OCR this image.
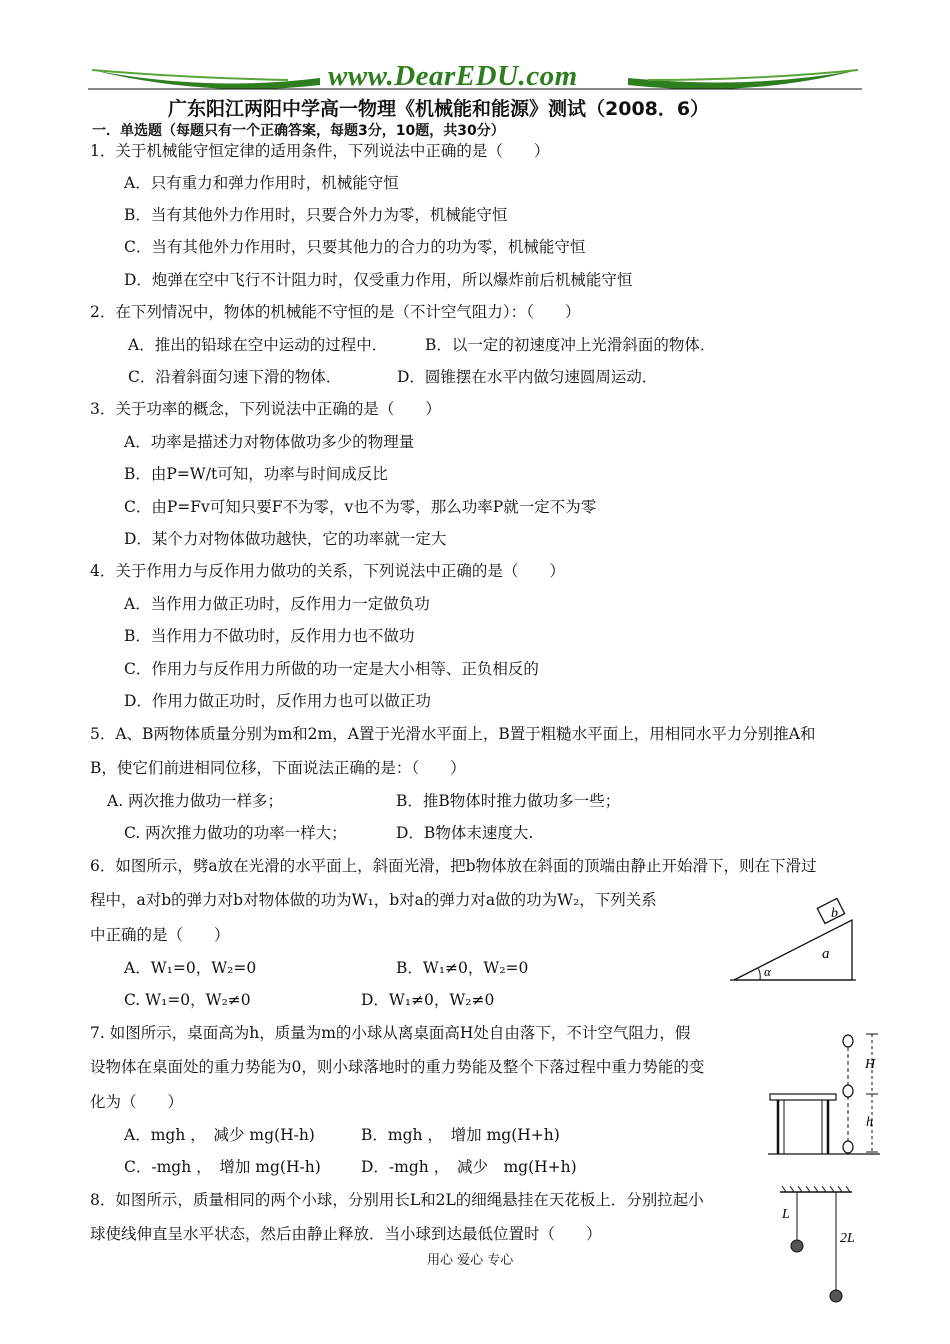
www.DearEDU.com
广东阳江两阳中学高一物理《机械能和能源》测试（2008．6）
一．单选题（每题只有一个正确答案，每题3分，10题，共30分）
1．关于机械能守恒定律的适用条件，下列说法中正确的是（　　）
A．只有重力和弹力作用时，机械能守恒
B．当有其他外力作用时，只要合外力为零，机械能守恒
C．当有其他外力作用时，只要其他力的合力的功为零，机械能守恒
D．炮弹在空中飞行不计阻力时，仅受重力作用，所以爆炸前后机械能守恒
2．在下列情况中，物体的机械能不守恒的是（不计空气阻力）：（　　）
A．推出的铅球在空中运动的过程中． B．以一定的初速度冲上光滑斜面的物体．
C．沿着斜面匀速下滑的物体．	D．圆锥摆在水平内做匀速圆周运动．
3．关于功率的概念，下列说法中正确的是（　　）
A．功率是描述力对物体做功多少的物理量
B．由P=W/t可知，功率与时间成反比
C．由P=Fv可知只要F不为零，v也不为零，那么功率P就一定不为零
D．某个力对物体做功越快，它的功率就一定大
4．关于作用力与反作用力做功的关系，下列说法中正确的是（　　）
A．当作用力做正功时，反作用力一定做负功
B．当作用力不做功时，反作用力也不做功
C．作用力与反作用力所做的功一定是大小相等、正负相反的
D．作用力做正功时，反作用力也可以做正功
5．A、B两物体质量分别为m和2m，A置于光滑水平面上，B置于粗糙水平面上，用相同水平力分别推A和
B，使它们前进相同位移，下面说法正确的是：（　　）
A. 两次推力做功一样多；	B．推B物体时推力做功多一些；
C. 两次推力做功的功率一样大；	D．B物体末速度大.
6．如图所示，劈a放在光滑的水平面上，斜面光滑，把b物体放在斜面的顶端由静止开始滑下，则在下滑过
程中，a对b的弹力对b对物体做的功为W₁，b对a的弹力对a做的功为W₂，下列关系
中正确的是（　　）
A．W₁=0，W₂=0	B．W₁≠0，W₂=0
C. W₁=0，W₂≠0	D．W₁≠0，W₂≠0
b
a
α
7. 如图所示，桌面高为h，质量为m的小球从离桌面高H处自由落下，不计空气阻力，假
设物体在桌面处的重力势能为0，则小球落地时的重力势能及整个下落过程中重力势能的变
化为（　　）
A．mgh ，　减少 mg(H-h)	B．mgh ，　增加 mg(H+h)
C．-mgh ，　增加 mg(H-h)	D．-mgh ，　减少　mg(H+h)
H
h
8．如图所示，质量相同的两个小球，分别用长L和2L的细绳悬挂在天花板上．分别拉起小
球使线伸直呈水平状态，然后由静止释放．当小球到达最低位置时（　　）
L
2L
用心 爱心 专心
